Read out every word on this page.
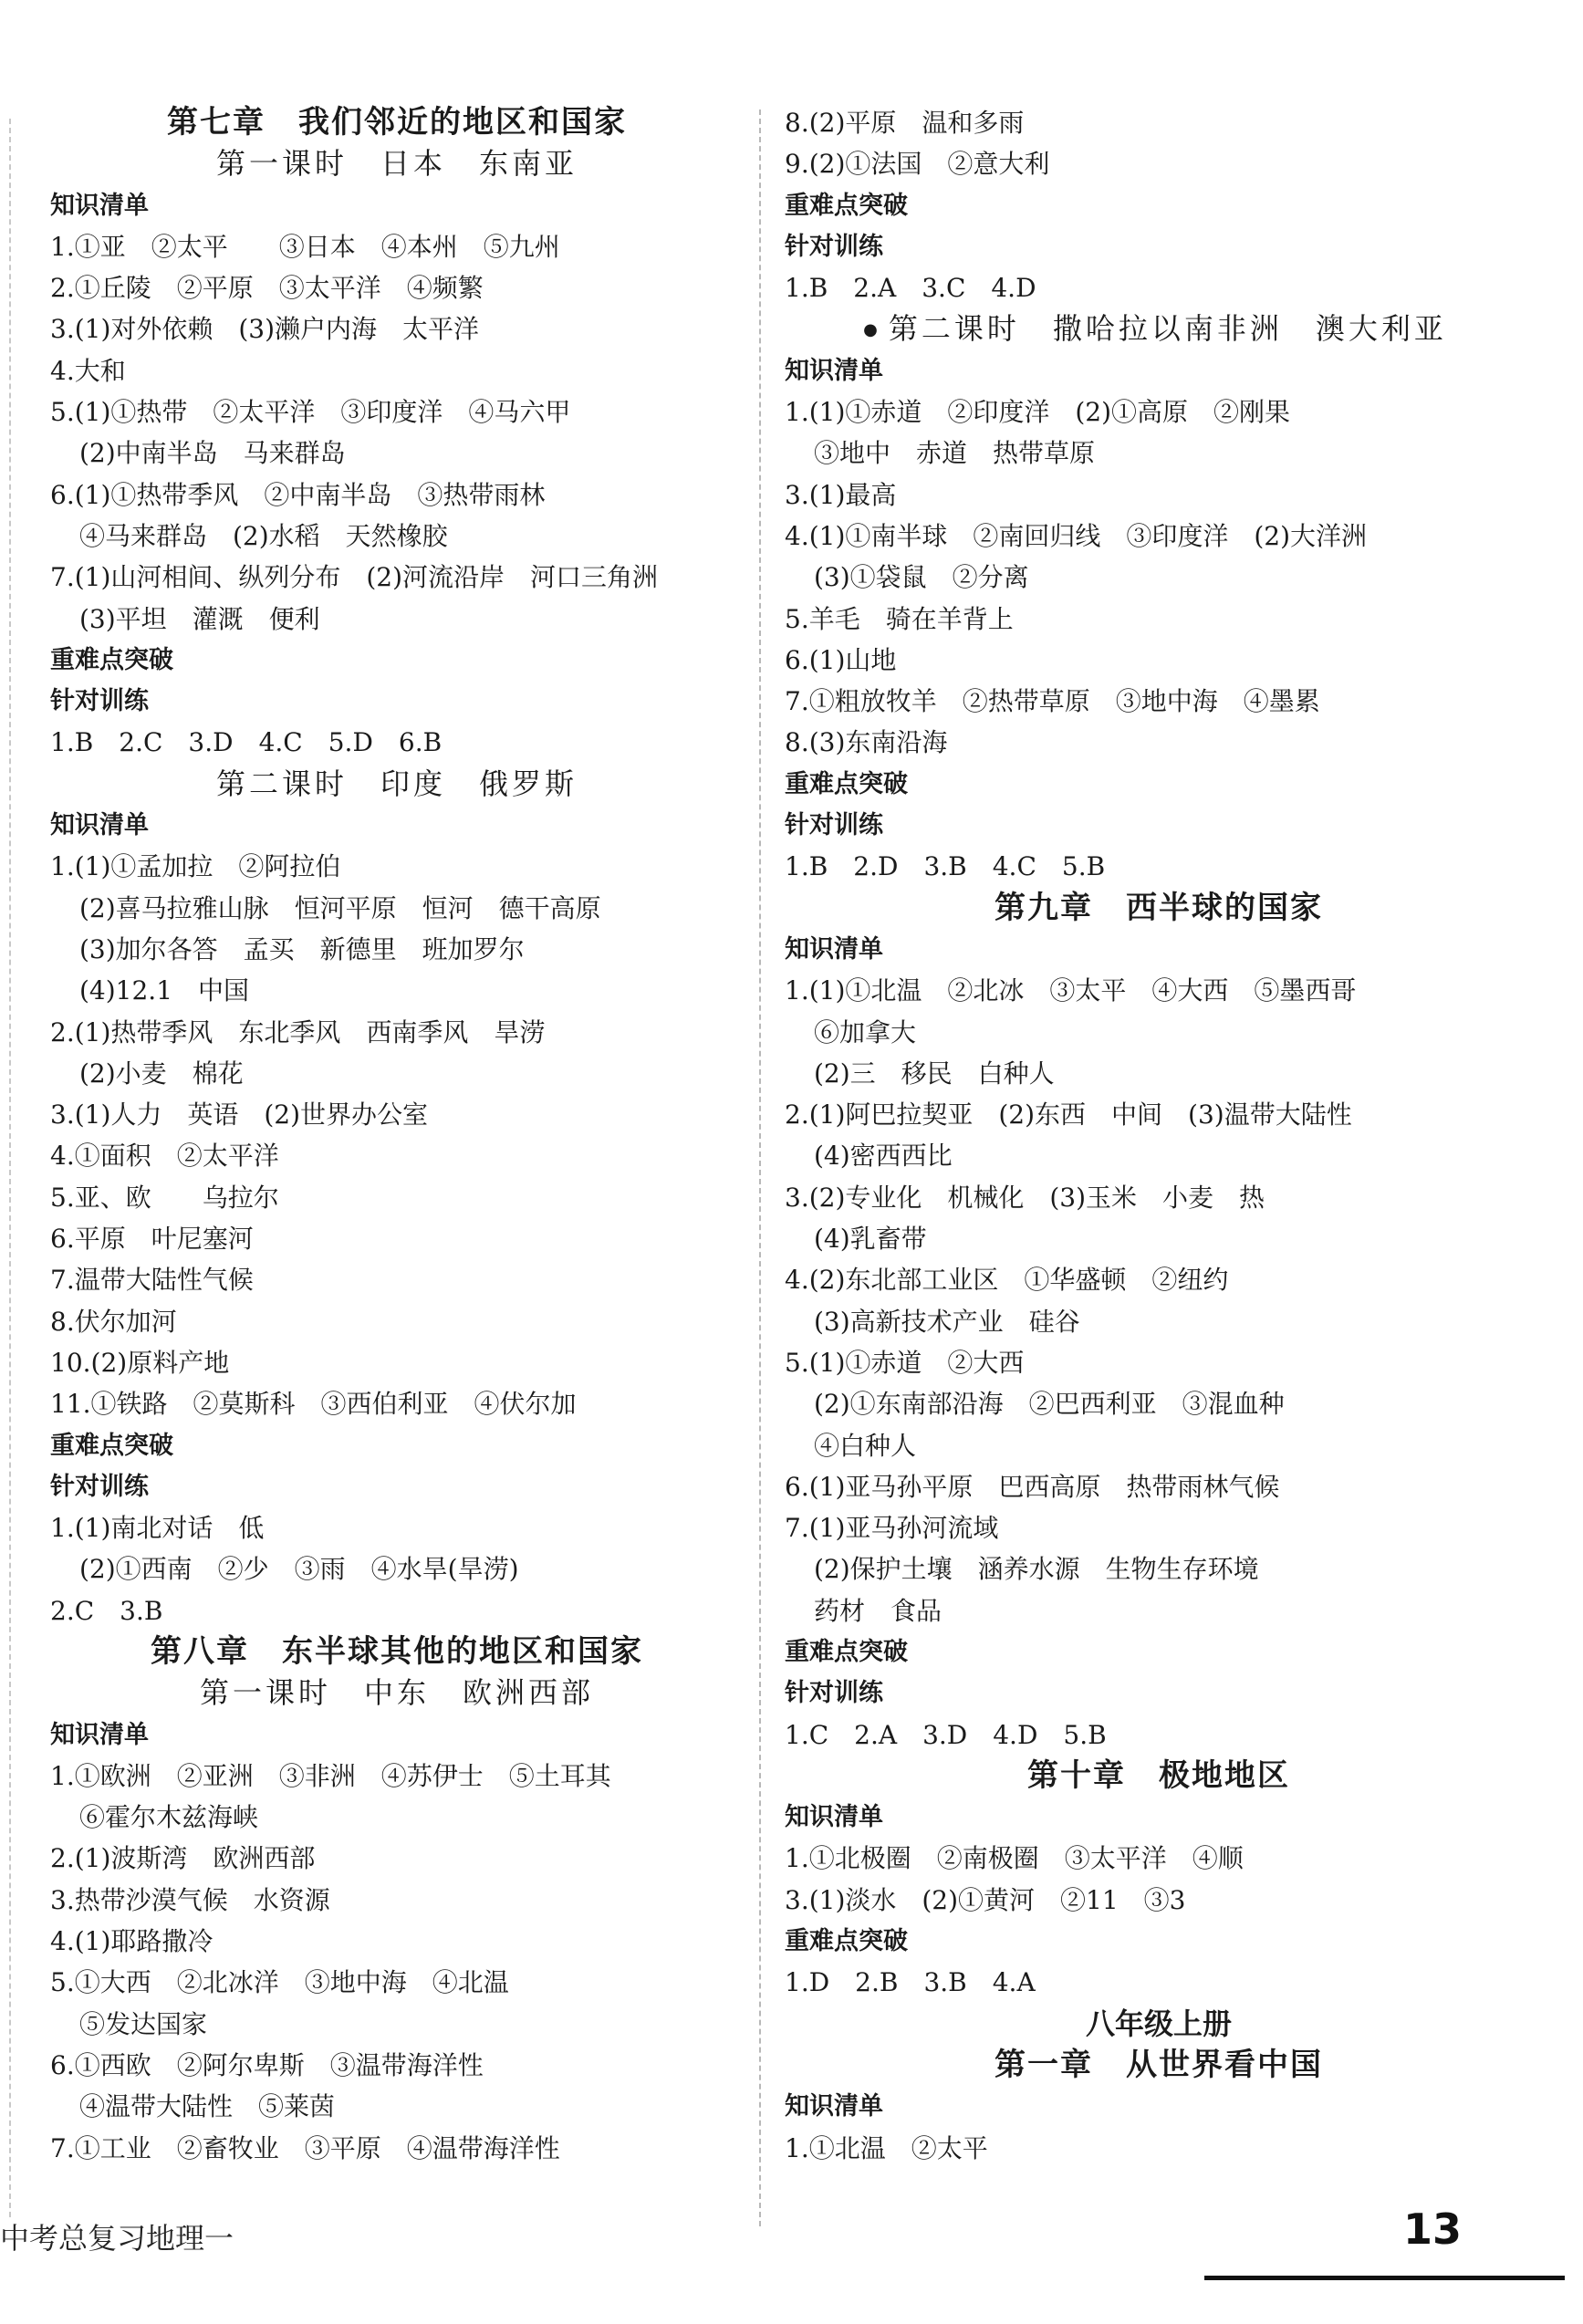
第七章　我们邻近的地区和国家
第一课时　日本　东南亚
知识清单
1.①亚　②太平　　③日本　④本州　⑤九州
2.①丘陵　②平原　③太平洋　④频繁
3.(1)对外依赖　(3)濑户内海　太平洋
4.大和
5.(1)①热带　②太平洋　③印度洋　④马六甲
(2)中南半岛　马来群岛
6.(1)①热带季风　②中南半岛　③热带雨林
④马来群岛　(2)水稻　天然橡胶
7.(1)山河相间、纵列分布　(2)河流沿岸　河口三角洲
(3)平坦　灌溉　便利
重难点突破
针对训练
1.B　2.C　3.D　4.C　5.D　6.B
第二课时　印度　俄罗斯
知识清单
1.(1)①孟加拉　②阿拉伯
(2)喜马拉雅山脉　恒河平原　恒河　德干高原
(3)加尔各答　孟买　新德里　班加罗尔
(4)12.1　中国
2.(1)热带季风　东北季风　西南季风　旱涝
(2)小麦　棉花
3.(1)人力　英语　(2)世界办公室
4.①面积　②太平洋
5.亚、欧　　乌拉尔
6.平原　叶尼塞河
7.温带大陆性气候
8.伏尔加河
10.(2)原料产地
11.①铁路　②莫斯科　③西伯利亚　④伏尔加
重难点突破
针对训练
1.(1)南北对话　低
(2)①西南　②少　③雨　④水旱(旱涝)
2.C　3.B
第八章　东半球其他的地区和国家
第一课时　中东　欧洲西部
知识清单
1.①欧洲　②亚洲　③非洲　④苏伊士　⑤土耳其
⑥霍尔木兹海峡
2.(1)波斯湾　欧洲西部
3.热带沙漠气候　水资源
4.(1)耶路撒冷
5.①大西　②北冰洋　③地中海　④北温
⑤发达国家
6.①西欧　②阿尔卑斯　③温带海洋性
④温带大陆性　⑤莱茵
7.①工业　②畜牧业　③平原　④温带海洋性
8.(2)平原　温和多雨
9.(2)①法国　②意大利
重难点突破
针对训练
1.B　2.A　3.C　4.D
● 第二课时　撒哈拉以南非洲　澳大利亚
知识清单
1.(1)①赤道　②印度洋　(2)①高原　②刚果
③地中　赤道　热带草原
3.(1)最高
4.(1)①南半球　②南回归线　③印度洋　(2)大洋洲
(3)①袋鼠　②分离
5.羊毛　骑在羊背上
6.(1)山地
7.①粗放牧羊　②热带草原　③地中海　④墨累
8.(3)东南沿海
重难点突破
针对训练
1.B　2.D　3.B　4.C　5.B
第九章　西半球的国家
知识清单
1.(1)①北温　②北冰　③太平　④大西　⑤墨西哥
⑥加拿大
(2)三　移民　白种人
2.(1)阿巴拉契亚　(2)东西　中间　(3)温带大陆性
(4)密西西比
3.(2)专业化　机械化　(3)玉米　小麦　热
(4)乳畜带
4.(2)东北部工业区　①华盛顿　②纽约
(3)高新技术产业　硅谷
5.(1)①赤道　②大西
(2)①东南部沿海　②巴西利亚　③混血种
④白种人
6.(1)亚马孙平原　巴西高原　热带雨林气候
7.(1)亚马孙河流域
(2)保护土壤　涵养水源　生物生存环境
药材　食品
重难点突破
针对训练
1.C　2.A　3.D　4.D　5.B
第十章　极地地区
知识清单
1.①北极圈　②南极圈　③太平洋　④顺
3.(1)淡水　(2)①黄河　②11　③3
重难点突破
1.D　2.B　3.B　4.A
八年级上册
第一章　从世界看中国
知识清单
1.①北温　②太平
中考总复习地理一	13
